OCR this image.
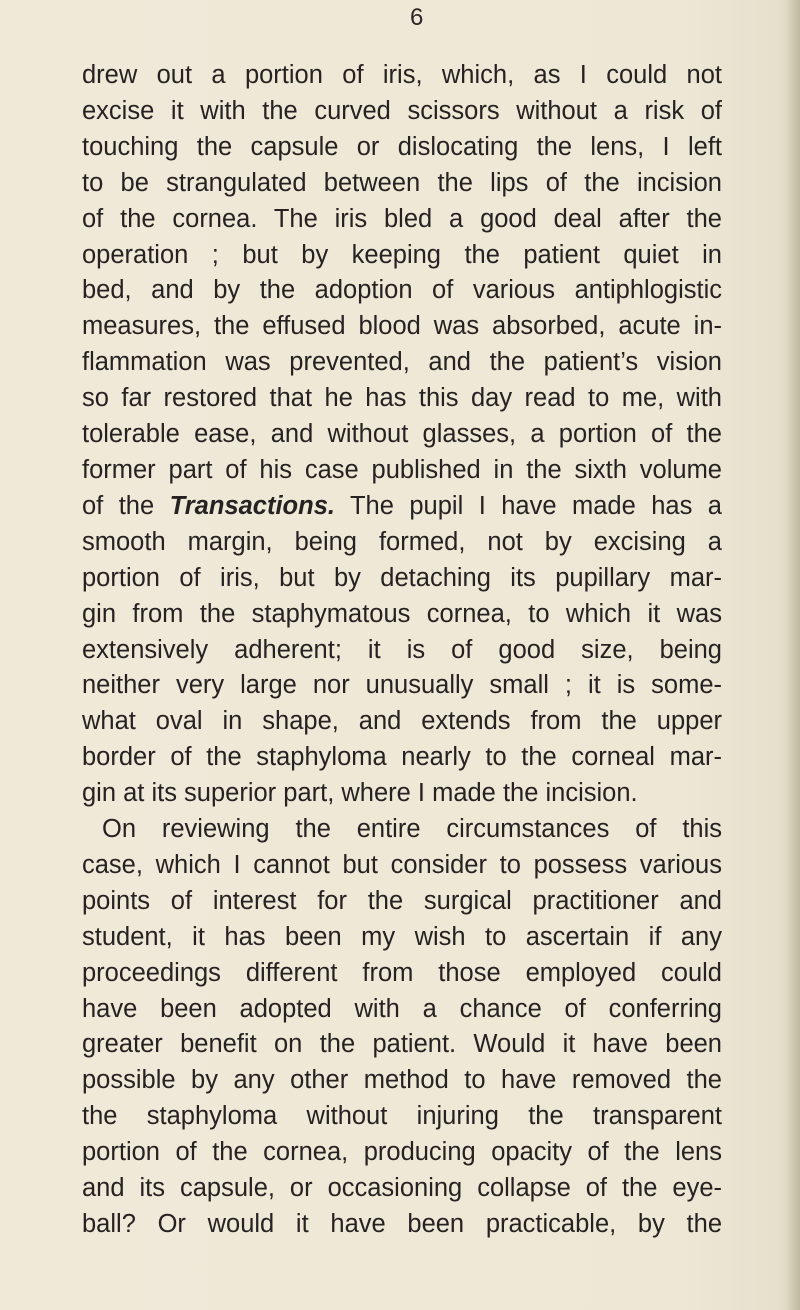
6
drew out a portion of iris, which, as I could not
excise it with the curved scissors without a risk of
touching the capsule or dislocating the lens, I left
to be strangulated between the lips of the incision
of the cornea. The iris bled a good deal after the
operation ; but by keeping the patient quiet in
bed, and by the adoption of various antiphlogistic
measures, the effused blood was absorbed, acute in-
flammation was prevented, and the patient’s vision
so far restored that he has this day read to me, with
tolerable ease, and without glasses, a portion of the
former part of his case published in the sixth volume
of the Transactions. The pupil I have made has a
smooth margin, being formed, not by excising a
portion of iris, but by detaching its pupillary mar-
gin from the staphymatous cornea, to which it was
extensively adherent; it is of good size, being
neither very large nor unusually small ; it is some-
what oval in shape, and extends from the upper
border of the staphyloma nearly to the corneal mar-
gin at its superior part, where I made the incision.
On reviewing the entire circumstances of this
case, which I cannot but consider to possess various
points of interest for the surgical practitioner and
student, it has been my wish to ascertain if any
proceedings different from those employed could
have been adopted with a chance of conferring
greater benefit on the patient. Would it have been
possible by any other method to have removed the
the staphyloma without injuring the transparent
portion of the cornea, producing opacity of the lens
and its capsule, or occasioning collapse of the eye-
ball? Or would it have been practicable, by the
